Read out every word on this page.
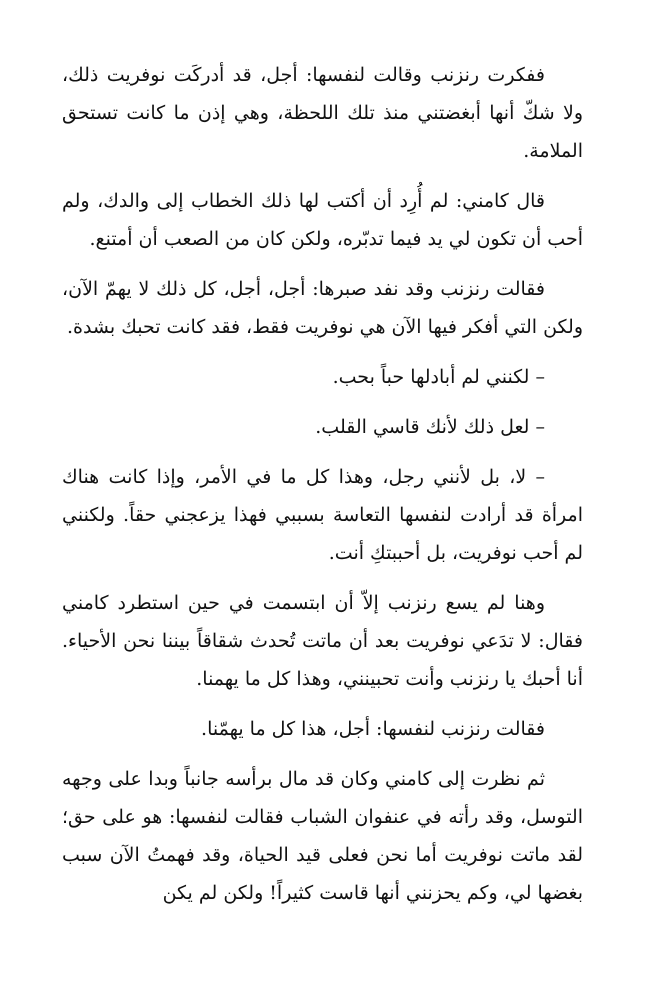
ففكرت رنزنب وقالت لنفسها: أجل، قد أدركَت نوفريت ذلك، ولا شكّ أنها أبغضتني منذ تلك اللحظة، وهي إذن ما كانت تستحق الملامة.

قال كامني: لم أُرِد أن أكتب لها ذلك الخطاب إلى والدك، ولم أحب أن تكون لي يد فيما تدبّره، ولكن كان من الصعب أن أمتنع.

فقالت رنزنب وقد نفد صبرها: أجل، أجل، كل ذلك لا يهمّ الآن، ولكن التي أفكر فيها الآن هي نوفريت فقط، فقد كانت تحبك بشدة.

– لكنني لم أبادلها حباً بحب.

– لعل ذلك لأنك قاسي القلب.

– لا، بل لأنني رجل، وهذا كل ما في الأمر، وإذا كانت هناك امرأة قد أرادت لنفسها التعاسة بسببي فهذا يزعجني حقاً. ولكنني لم أحب نوفريت، بل أحببتكِ أنت.

وهنا لم يسع رنزنب إلاّ أن ابتسمت في حين استطرد كامني فقال: لا تدَعي نوفريت بعد أن ماتت تُحدث شقاقاً بيننا نحن الأحياء. أنا أحبك يا رنزنب وأنت تحبينني، وهذا كل ما يهمنا.

فقالت رنزنب لنفسها: أجل، هذا كل ما يهمّنا.

ثم نظرت إلى كامني وكان قد مال برأسه جانباً وبدا على وجهه التوسل، وقد رأته في عنفوان الشباب فقالت لنفسها: هو على حق؛ لقد ماتت نوفريت أما نحن فعلى قيد الحياة، وقد فهمتُ الآن سبب بغضها لي، وكم يحزنني أنها قاست كثيراً! ولكن لم يكن
